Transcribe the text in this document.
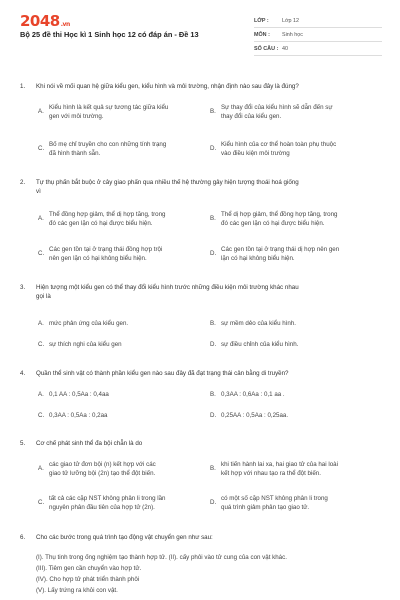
2048.vn
Bộ 25 đề thi Học kì 1 Sinh học 12 có đáp án - Đề 13
LỚP :	Lớp 12
MÔN :	Sinh học
SỐ CÂU : 40
1. Khi nói về mối quan hệ giữa kiểu gen, kiểu hình và môi trường, nhận định nào sau đây là đúng?
A.
Kiểu hình là kết quả sự tương tác giữa kiểu
gen với môi trường.
B.
Sự thay đổi của kiểu hình sẽ dẫn đến sự
thay đổi của kiểu gen.
C.
Bố mẹ chỉ truyền cho con những tính trạng
đã hình thành sẵn.
D.
Kiểu hình của cơ thể hoàn toàn phụ thuộc
vào điều kiện môi trường
2. Tự thụ phấn bắt buộc ở cây giao phấn qua nhiều thế hệ thường gây hiện tượng thoái hoá giống
vì
A.
Thể đồng hợp giảm, thể dị hợp tăng, trong
đó các gen lặn có hại được biểu hiện.
B.
Thể dị hợp giảm, thể đồng hợp tăng, trong
đó các gen lặn có hại được biểu hiện.
C.
Các gen tồn tại ở trạng thái đồng hợp trội
nên gen lặn có hại không biểu hiện.
D.
Các gen tồn tại ở trạng thái dị hợp nên gen
lặn có hại không biểu hiện.
3. Hiện tượng một kiểu gen có thể thay đổi kiểu hình trước những điều kiện môi trường khác nhau
gọi là
A. mức phản ứng của kiểu gen.	B. sự mềm dẻo của kiểu hình.
C. sự thích nghi của kiểu gen	D. sự điều chỉnh của kiểu hình.
4. Quần thể sinh vật có thành phần kiểu gen nào sau đây đã đạt trạng thái cân bằng di truyền?
A. 0,1 AA : 0,5Aa : 0,4aa	B. 0,3AA : 0,6Aa : 0,1 aa .
C. 0,3AA : 0,5Aa : 0,2aa	D. 0,25AA : 0,5Aa : 0,25aa.
5. Cơ chế phát sinh thể đa bội chẵn là do
A.
các giao tử đơn bội (n) kết hợp với các
giao tử lưỡng bội (2n) tạo thể đột biến.
B.
khi tiến hành lai xa, hai giao tử của hai loài
kết hợp với nhau tạo ra thể đột biến.
C.
tất cả các cặp NST không phân li trong lần
nguyên phân đầu tiên của hợp tử (2n).
D.
có một số cặp NST không phân li trong
quá trình giảm phân tạo giao tử.
6. Cho các bước trong quá trình tạo động vật chuyển gen như sau:
(I). Thụ tinh trong ống nghiệm tạo thành hợp tử. (II). cấy phôi vào tử cung của con vật khác.
(III). Tiêm gen cần chuyển vào hợp tử.
(IV). Cho hợp tử phát triển thành phôi
(V). Lấy trứng ra khỏi con vật.
